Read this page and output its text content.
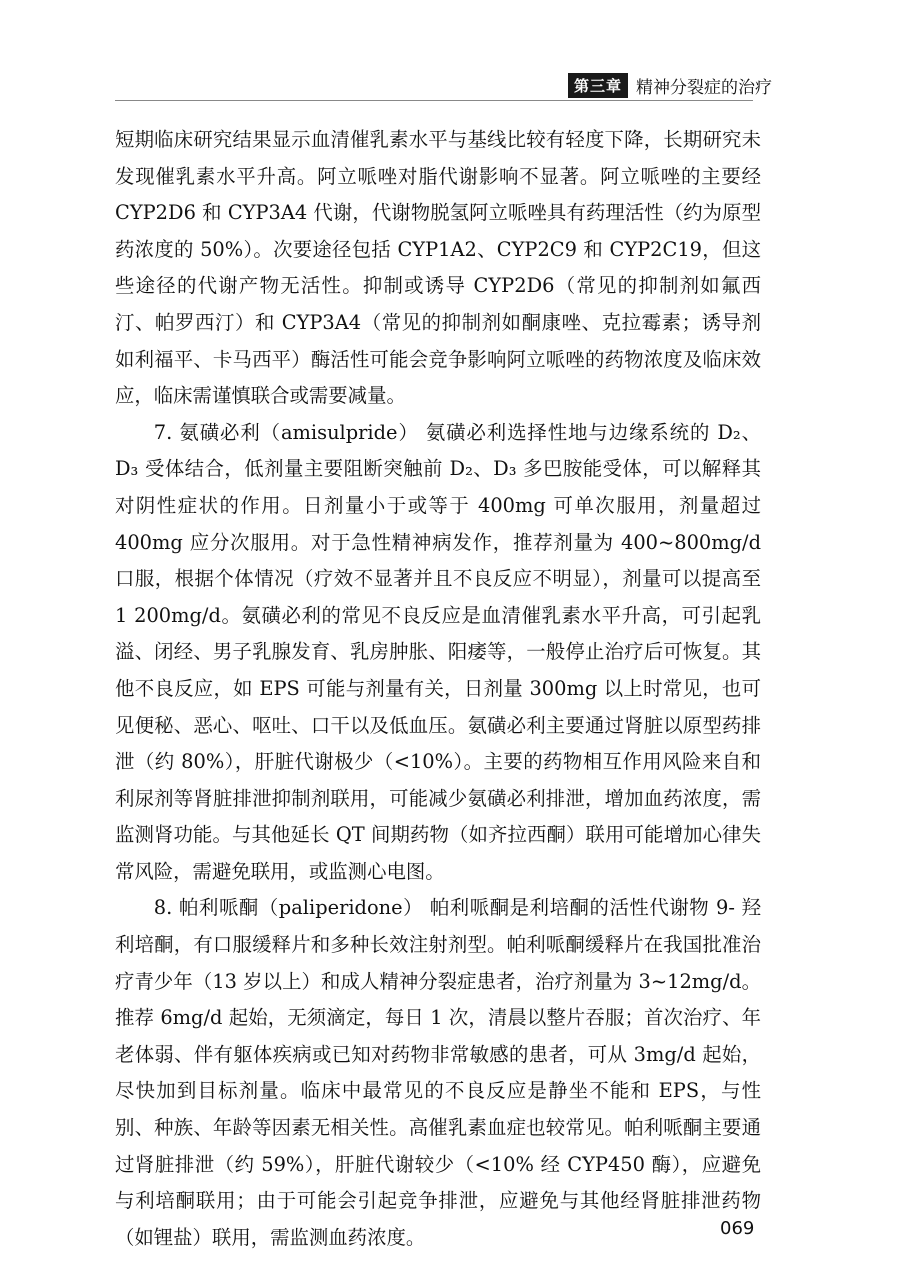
第三章 精神分裂症的治疗

短期临床研究结果显示血清催乳素水平与基线比较有轻度下降，长期研究未发现催乳素水平升高。阿立哌唑对脂代谢影响不显著。阿立哌唑的主要经 CYP2D6 和 CYP3A4 代谢，代谢物脱氢阿立哌唑具有药理活性（约为原型药浓度的 50%）。次要途径包括 CYP1A2、CYP2C9 和 CYP2C19，但这些途径的代谢产物无活性。抑制或诱导 CYP2D6（常见的抑制剂如氟西汀、帕罗西汀）和 CYP3A4（常见的抑制剂如酮康唑、克拉霉素；诱导剂如利福平、卡马西平）酶活性可能会竞争影响阿立哌唑的药物浓度及临床效应，临床需谨慎联合或需要减量。

7. 氨磺必利（amisulpride） 氨磺必利选择性地与边缘系统的 D₂、D₃ 受体结合，低剂量主要阻断突触前 D₂、D₃ 多巴胺能受体，可以解释其对阴性症状的作用。日剂量小于或等于 400mg 可单次服用，剂量超过 400mg 应分次服用。对于急性精神病发作，推荐剂量为 400~800mg/d 口服，根据个体情况（疗效不显著并且不良反应不明显），剂量可以提高至 1 200mg/d。氨磺必利的常见不良反应是血清催乳素水平升高，可引起乳溢、闭经、男子乳腺发育、乳房肿胀、阳痿等，一般停止治疗后可恢复。其他不良反应，如 EPS 可能与剂量有关，日剂量 300mg 以上时常见，也可见便秘、恶心、呕吐、口干以及低血压。氨磺必利主要通过肾脏以原型药排泄（约 80%），肝脏代谢极少（<10%）。主要的药物相互作用风险来自和利尿剂等肾脏排泄抑制剂联用，可能减少氨磺必利排泄，增加血药浓度，需监测肾功能。与其他延长 QT 间期药物（如齐拉西酮）联用可能增加心律失常风险，需避免联用，或监测心电图。

8. 帕利哌酮（paliperidone） 帕利哌酮是利培酮的活性代谢物 9- 羟利培酮，有口服缓释片和多种长效注射剂型。帕利哌酮缓释片在我国批准治疗青少年（13 岁以上）和成人精神分裂症患者，治疗剂量为 3~12mg/d。推荐 6mg/d 起始，无须滴定，每日 1 次，清晨以整片吞服；首次治疗、年老体弱、伴有躯体疾病或已知对药物非常敏感的患者，可从 3mg/d 起始，尽快加到目标剂量。临床中最常见的不良反应是静坐不能和 EPS，与性别、种族、年龄等因素无相关性。高催乳素血症也较常见。帕利哌酮主要通过肾脏排泄（约 59%），肝脏代谢较少（<10% 经 CYP450 酶），应避免与利培酮联用；由于可能会引起竞争排泄，应避免与其他经肾脏排泄药物（如锂盐）联用，需监测血药浓度。	069
